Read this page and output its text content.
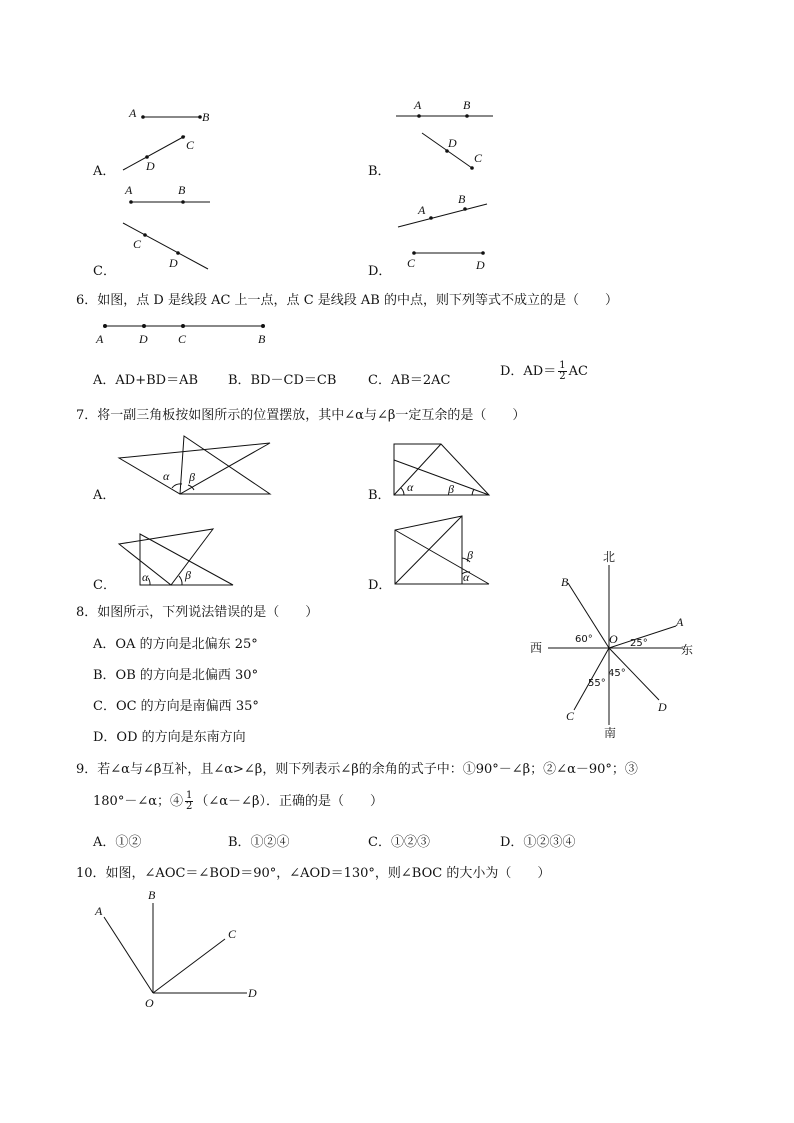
A．
A	B
C
D	B．
A	B
D
C
C．
A	B
C
D
D．
A
B
C	D
6．如图，点 D 是线段 AC 上一点，点 C 是线段 AB 的中点，则下列等式不成立的是（　　）
A	D	C	B
A．AD+BD＝AB B．BD－CD＝CB C．AB＝2AC
D．$AD= \frac{1}{2}$ AC
7．将一副三角板按如图所示的位置摆放，其中∠α与∠β一定互余的是（　　）
A．
α β
B．
α	β
C．
α	β
D．
α
β
8．如图所示，下列说法错误的是（　　）
A．OA 的方向是北偏东 25°
B．OB 的方向是北偏西 30°
C．OC 的方向是南偏西 35°
D．OD 的方向是东南方向
北
南
东
西
O
A
B
C
D
60°	25°
45°
55°
9．若∠α与∠β互补，且∠α>∠β，则下列表示∠β的余角的式子中：①90°－∠β；②∠α－90°；③
180°－∠α；④ $\frac{1}{2}$ （∠α－∠β）．正确的是（　　）
A．①②	B．①②④	C．①②③	D．①②③④
10．如图，∠AOC＝∠BOD＝90°，∠AOD＝130°，则∠BOC 的大小为（　　）
A
B
C
D
O
